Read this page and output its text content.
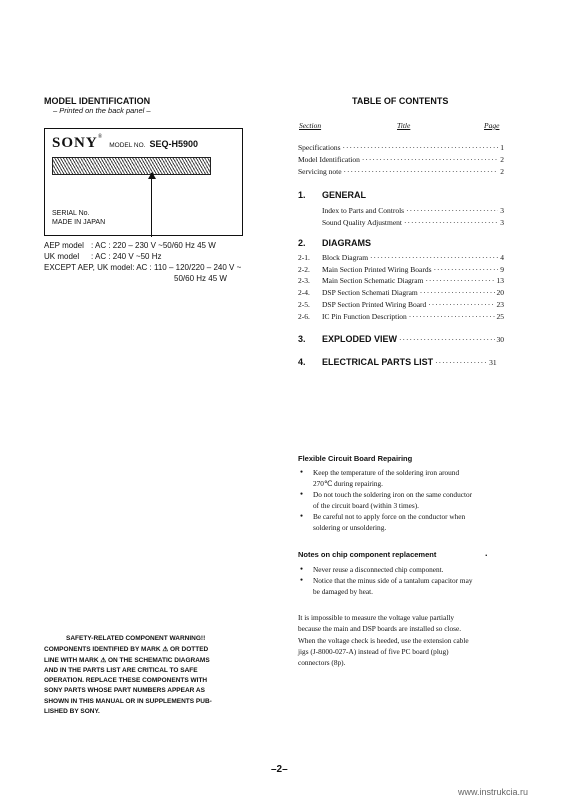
MODEL IDENTIFICATION
– Printed on the back panel –
SONY® MODEL NO. SEQ-H5900
SERIAL No.
MADE IN JAPAN
AEP model : AC : 220 – 230 V ~50/60 Hz 45 W
UK model : AC : 240 V ~50 Hz
EXCEPT AEP, UK model: AC : 110 – 120/220 – 240 V ~
50/60 Hz 45 W
SAFETY-RELATED COMPONENT WARNING!!
COMPONENTS IDENTIFIED BY MARK ⚠ OR DOTTED
LINE WITH MARK ⚠ ON THE SCHEMATIC DIAGRAMS
AND IN THE PARTS LIST ARE CRITICAL TO SAFE
OPERATION. REPLACE THESE COMPONENTS WITH
SONY PARTS WHOSE PART NUMBERS APPEAR AS
SHOWN IN THIS MANUAL OR IN SUPPLEMENTS PUB-
LISHED BY SONY.
TABLE OF CONTENTS
Section	Title	Page
Specifications ·····	1
Model Identification ·····	2
Servicing note ·····	2
1. GENERAL
Index to Parts and Controls ·····	3
Sound Quality Adjustment ·····	3
2. DIAGRAMS
2-1.	Block Diagram ·····	4
2-2.	Main Section Printed Wiring Boards ·····	9
2-3.	Main Section Schematic Diagram ·····	13
2-4.	DSP Section Schemati Diagram ·····	20
2-5.	DSP Section Printed Wiring Board ·····	23
2-6.	IC Pin Function Description ·····	25
3. EXPLODED VIEW ·····	30
4. ELECTRICAL PARTS LIST ·····	31
Flexible Circuit Board Repairing
● Keep the temperature of the soldering iron around
270℃ during repairing.
● Do not touch the soldering iron on the same conductor
of the circuit board (within 3 times).
● Be careful not to apply force on the conductor when
soldering or unsoldering.
Notes on chip component replacement	.
● Never reuse a disconnected chip component.
● Notice that the minus side of a tantalum capacitor may
be damaged by heat.
It is impossible to measure the voltage value partially
because the main and DSP boards are installed so close.
When the voltage check is heeded, use the extension cable
jigs (J-8000-027-A) instead of five PC board (plug)
connectors (8p).
–2–
www.instrukcia.ru
